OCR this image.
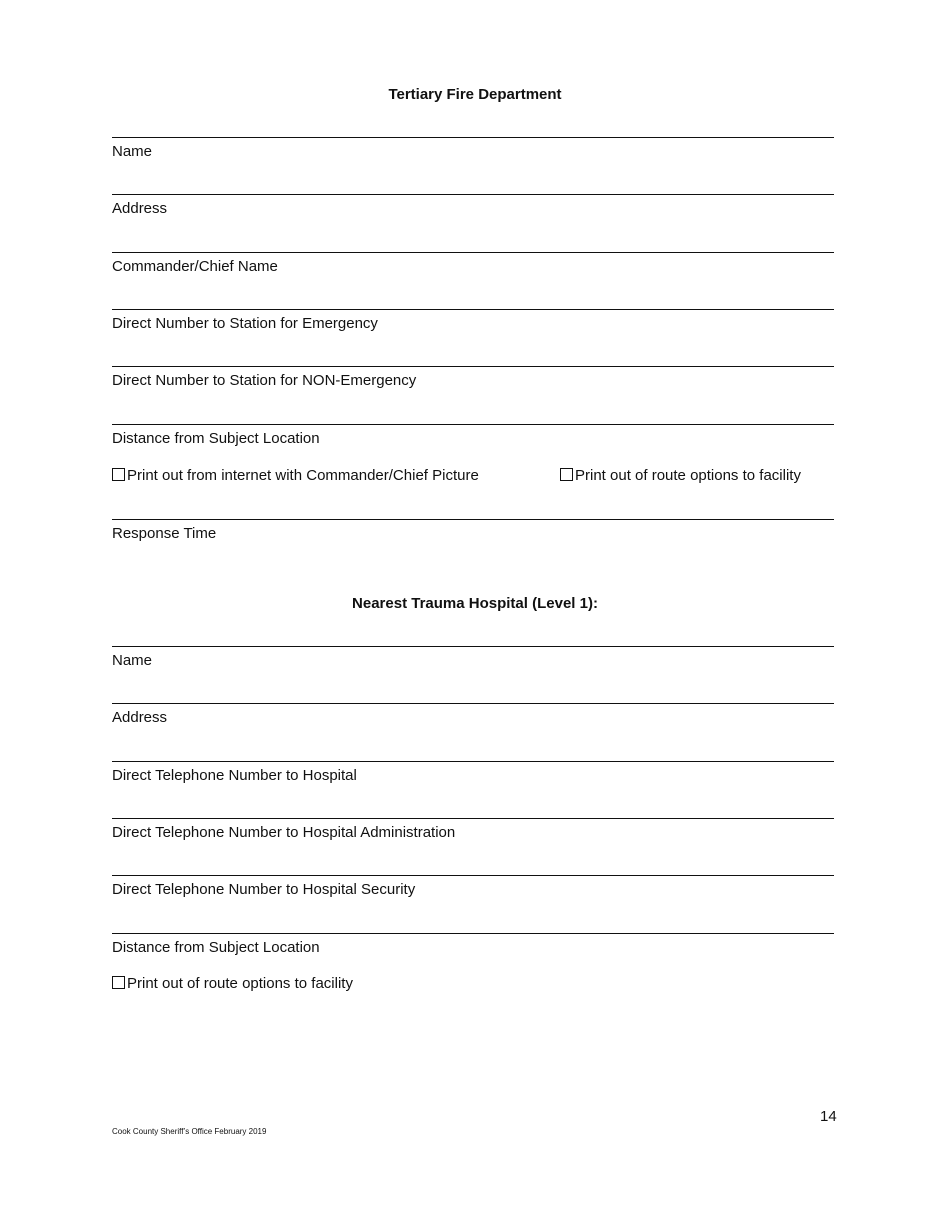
Tertiary Fire Department
Name
Address
Commander/Chief Name
Direct Number to Station for Emergency
Direct Number to Station for NON-Emergency
Distance from Subject Location
Print out from internet with Commander/Chief Picture	Print out of route options to facility
Response Time
Nearest Trauma Hospital (Level 1):
Name
Address
Direct Telephone Number to Hospital
Direct Telephone Number to Hospital Administration
Direct Telephone Number to Hospital Security
Distance from Subject Location
Print out of route options to facility
14
Cook County Sheriff’s Office February 2019
